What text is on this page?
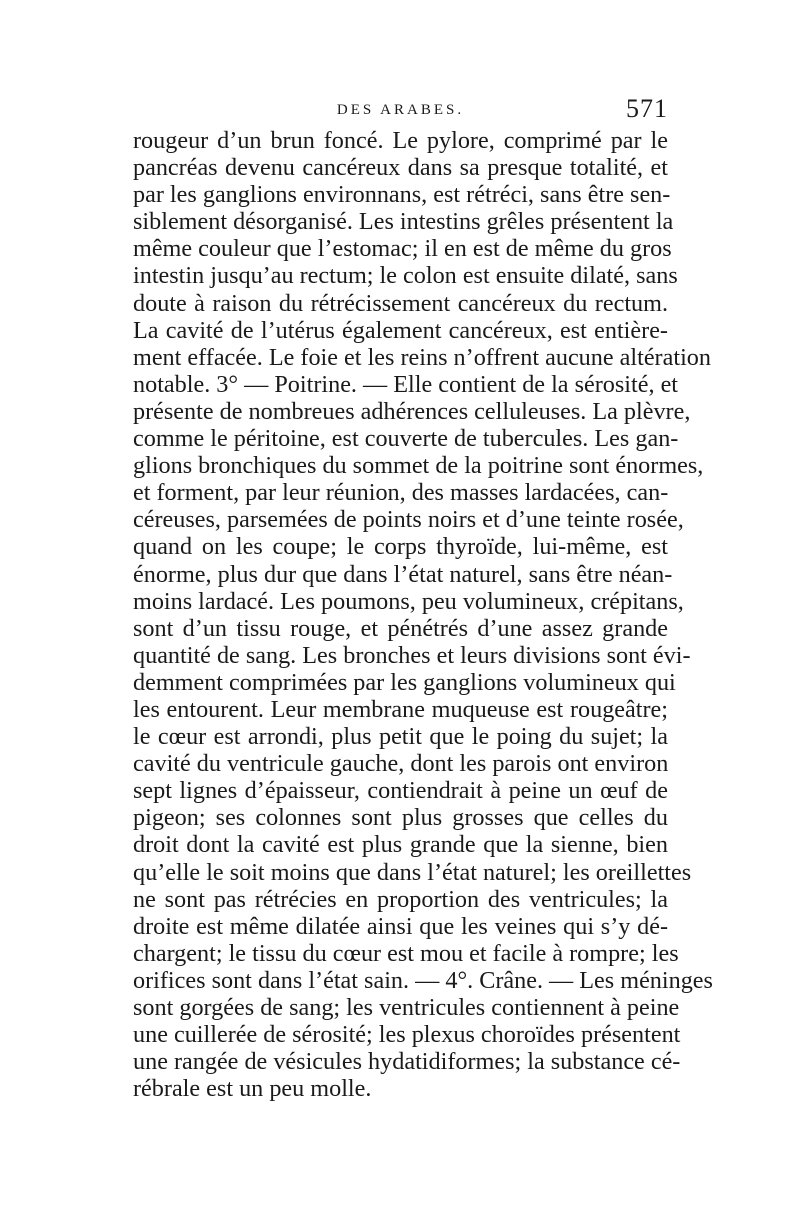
DES ARABES.	571
rougeur d’un brun foncé. Le pylore, comprimé par le
pancréas devenu cancéreux dans sa presque totalité, et
par les ganglions environnans, est rétréci, sans être sen-
siblement désorganisé. Les intestins grêles présentent la
même couleur que l’estomac; il en est de même du gros
intestin jusqu’au rectum; le colon est ensuite dilaté, sans
doute à raison du rétrécissement cancéreux du rectum.
La cavité de l’utérus également cancéreux, est entière-
ment effacée. Le foie et les reins n’offrent aucune altération
notable. 3° — Poitrine. — Elle contient de la sérosité, et
présente de nombreues adhérences celluleuses. La plèvre,
comme le péritoine, est couverte de tubercules. Les gan-
glions bronchiques du sommet de la poitrine sont énormes,
et forment, par leur réunion, des masses lardacées, can-
céreuses, parsemées de points noirs et d’une teinte rosée,
quand on les coupe; le corps thyroïde, lui-même, est
énorme, plus dur que dans l’état naturel, sans être néan-
moins lardacé. Les poumons, peu volumineux, crépitans,
sont d’un tissu rouge, et pénétrés d’une assez grande
quantité de sang. Les bronches et leurs divisions sont évi-
demment comprimées par les ganglions volumineux qui
les entourent. Leur membrane muqueuse est rougeâtre;
le cœur est arrondi, plus petit que le poing du sujet; la
cavité du ventricule gauche, dont les parois ont environ
sept lignes d’épaisseur, contiendrait à peine un œuf de
pigeon; ses colonnes sont plus grosses que celles du
droit dont la cavité est plus grande que la sienne, bien
qu’elle le soit moins que dans l’état naturel; les oreillettes
ne sont pas rétrécies en proportion des ventricules; la
droite est même dilatée ainsi que les veines qui s’y dé-
chargent; le tissu du cœur est mou et facile à rompre; les
orifices sont dans l’état sain. — 4°. Crâne. — Les méninges
sont gorgées de sang; les ventricules contiennent à peine
une cuillerée de sérosité; les plexus choroïdes présentent
une rangée de vésicules hydatidiformes; la substance cé-
rébrale est un peu molle.
